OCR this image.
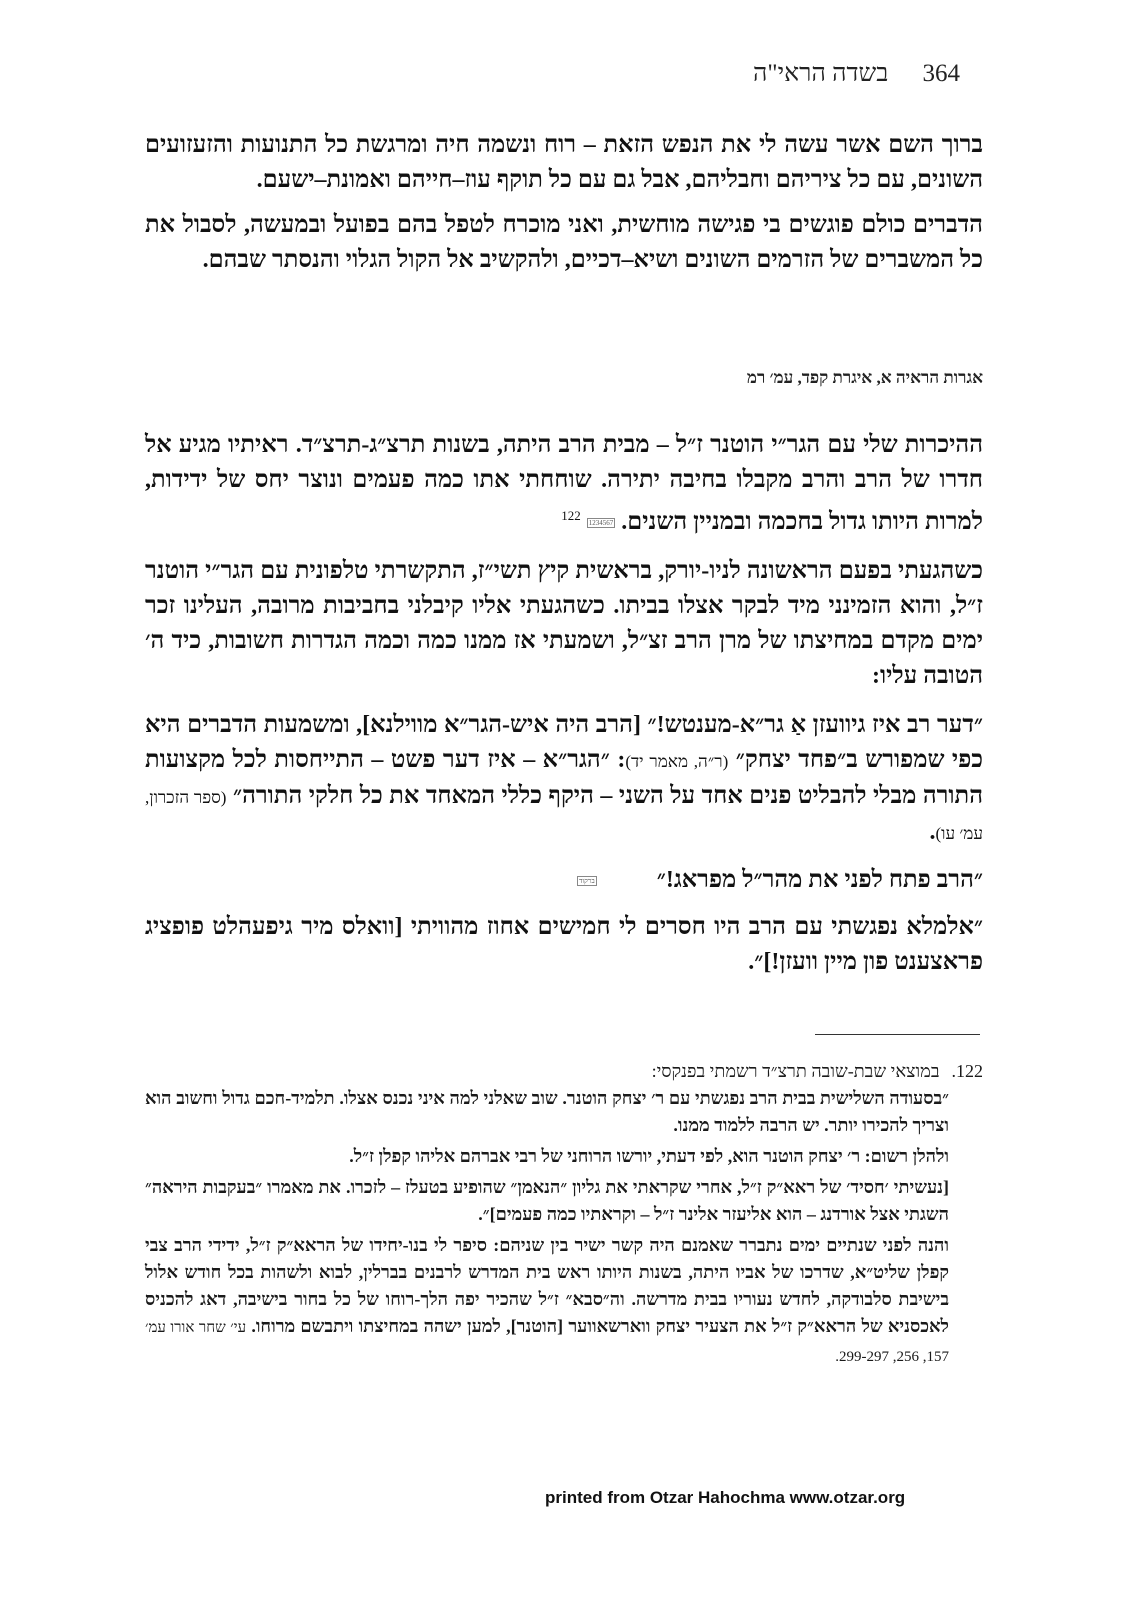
364 בשדה הראי"ה

ברוך השם אשר עשה לי את הנפש הזאת – רוח ונשמה חיה ומרגשת כל התנועות והזעזועים השונים, עם כל ציריהם וחבליהם, אבל גם עם כל תוקף עוז–חייהם ואמונת–ישעם.

הדברים כולם פוגשים בי פגישה מוחשית, ואני מוכרח לטפל בהם בפועל ובמעשה, לסבול את כל המשברים של הזרמים השונים ושיא–דכיים, ולהקשיב אל הקול הגלוי והנסתר שבהם.

אגרות הראיה א, איגרת קפד, עמ׳ רמ

ההיכרות שלי עם הגר״י הוטנר ז״ל – מבית הרב היתה, בשנות תרצ״ג-תרצ״ד. ראיתיו מגיע אל חדרו של הרב והרב מקבלו בחיבה יתירה. שוחחתי אתו כמה פעמים ונוצר יחס של ידידות, למרות היותו גדול בחכמה ובמניין השנים.1234567$^{122}$

כשהגעתי בפעם הראשונה לניו-יורק, בראשית קיץ תשי״ז, התקשרתי טלפונית עם הגר״י הוטנר ז״ל, והוא הזמינני מיד לבקר אצלו בביתו. כשהגעתי אליו קיבלני בחביבות מרובה, העלינו זכר ימים מקדם במחיצתו של מרן הרב זצ״ל, ושמעתי אז ממנו כמה וכמה הגדרות חשובות, כיד ה׳ הטובה עליו:

״דער רב איז גיוועזן אַ גר״א-מענטש!״ [הרב היה איש-הגר״א מווילנא], ומשמעות הדברים היא כפי שמפורש ב״פחד יצחק״ (ר״ה, מאמר יד): ״הגר״א – איז דער פשט – התייחסות לכל מקצועות התורה מבלי להבליט פנים אחד על השני – היקף כללי המאחד את כל חלקי התורה״ (ספר הזכרון, עמ׳ עו).

״הרב פתח לפני את מהר״ל מפראג!״ברקוד

״אלמלא נפגשתי עם הרב היו חסרים לי חמישים אחוז מהוויתי [וואלס מיר גיפעהלט פופציג פראצענט פון מיין וועזן!]״.

122.במוצאי שבת-שובה תרצ״ד רשמתי בפנקסי:

״בסעודה השלישית בבית הרב נפגשתי עם ר׳ יצחק הוטנר. שוב שאלני למה איני נכנס אצלו. תלמיד-חכם גדול וחשוב הוא וצריך להכירו יותר. יש הרבה ללמוד ממנו.

ולהלן רשום: ר׳ יצחק הוטנר הוא, לפי דעתי, יורשו הרוחני של רבי אברהם אליהו קפלן ז״ל.

[נעשיתי ׳חסיד׳ של ראא״ק ז״ל, אחרי שקראתי את גליון ״הנאמן״ שהופיע בטעלז – לזכרו. את מאמרו ״בעקבות היראה״ השגתי אצל אורדנג – הוא אליעזר אלינר ז״ל – וקראתיו כמה פעמים]״.

והנה לפני שנתיים ימים נתברר שאמנם היה קשר ישיר בין שניהם: סיפר לי בנו-יחידו של הראא״ק ז״ל, ידידי הרב צבי קפלן שליט״א, שדרכו של אביו היתה, בשנות היותו ראש בית המדרש לרבנים בברלין, לבוא ולשהות בכל חודש אלול בישיבת סלבודקה, לחדש נעוריו בבית מדרשה. וה״סבא״ ז״ל שהכיר יפה הלך-רוחו של כל בחור בישיבה, דאג להכניס לאכסניא של הראא״ק ז״ל את הצעיר יצחק ווארשאווער [הוטנר], למען ישהה במחיצתו ויתבשם מרוחו. עי׳ שחר אורו עמ׳ 157, 256, 299-297.

printed from Otzar Hahochma www.otzar.org
